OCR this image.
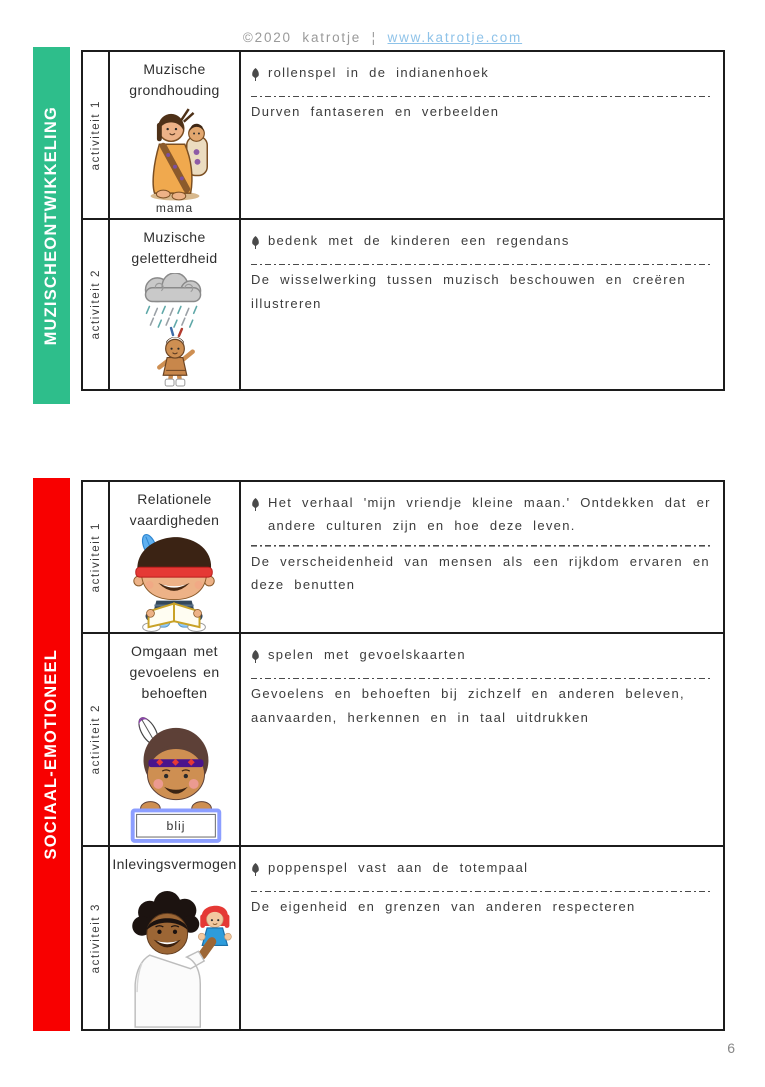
©2020 katrotje ¦ www.katrotje.com
MUZISCHEONTWIKKELING	activiteit 1
Muzische grondhouding
mama
rollenspel in de indianenhoek
Durven fantaseren en verbeelden
activiteit 2
Muzische geletterdheid
bedenk met de kinderen een regendans
De wisselwerking tussen muzisch beschouwen en creëren illustreren
SOCIAAL-EMOTIONEEL
activiteit 1
Relationele vaardigheden
Het verhaal 'mijn vriendje kleine maan.' Ontdekken dat er andere culturen zijn en hoe deze leven.
De verscheidenheid van mensen als een rijkdom ervaren en deze benutten
activiteit 2
Omgaan met gevoelens en behoeften
blij
spelen met gevoelskaarten
Gevoelens en behoeften bij zichzelf en anderen beleven, aanvaarden, herkennen en in taal uitdrukken
activiteit 3
Inlevingsvermogen poppenspel vast aan de totempaal
De eigenheid en grenzen van anderen respecteren
6
